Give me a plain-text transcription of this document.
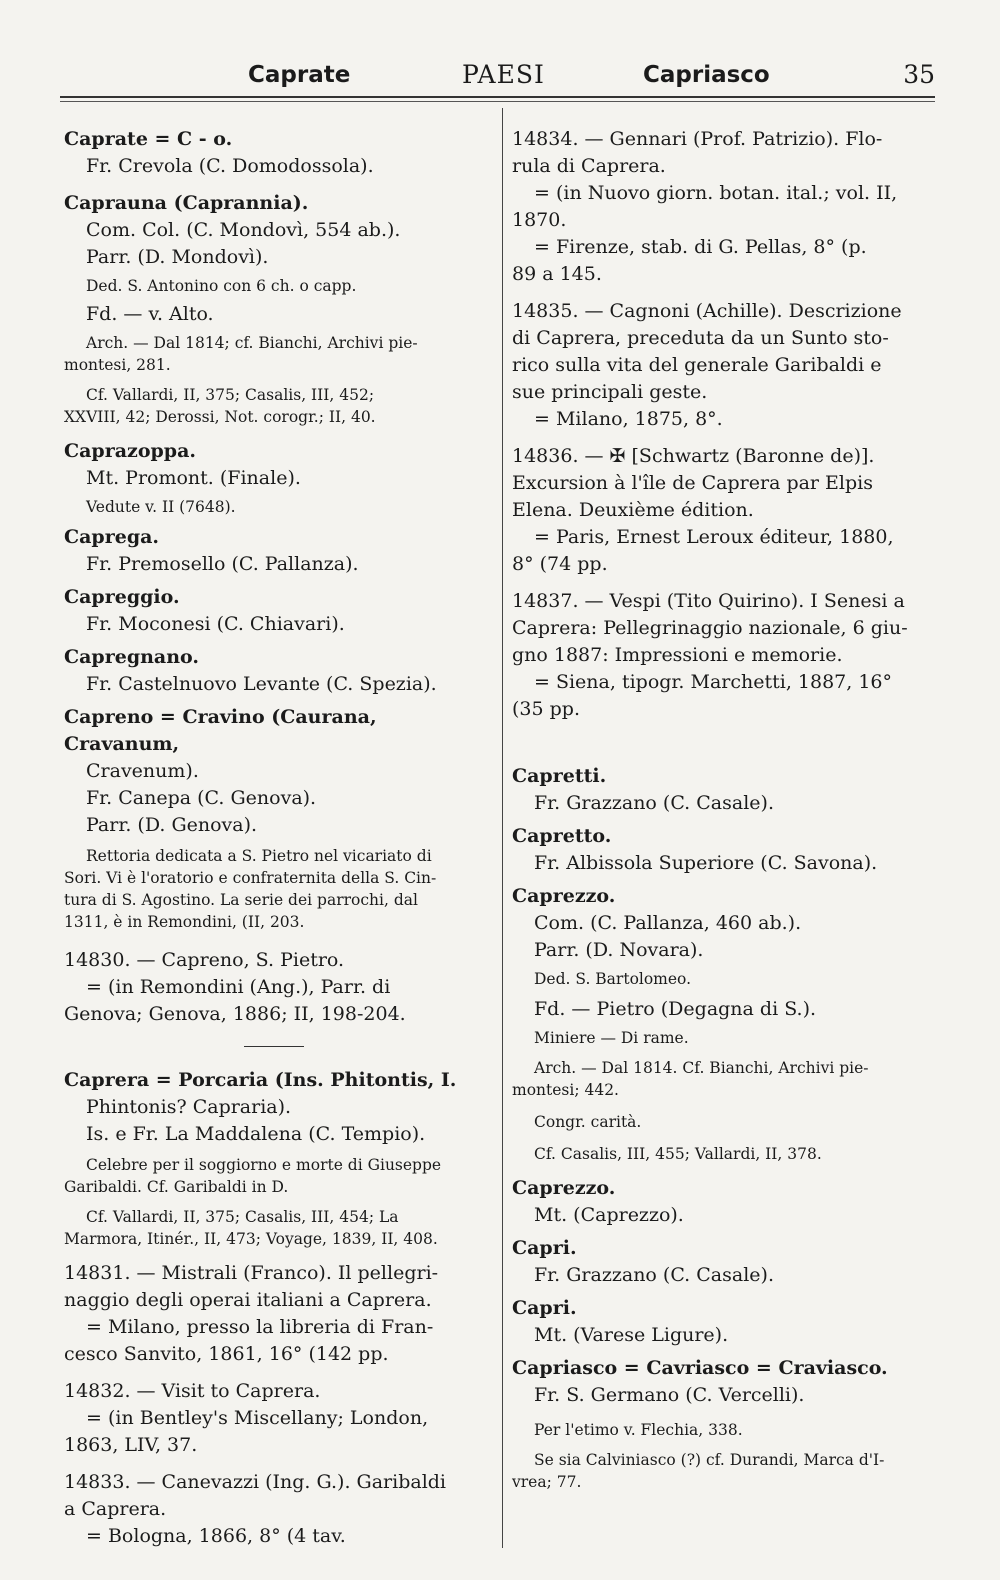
Caprate	PAESI	Capriasco	35

Caprate = C - o.

Fr. Crevola (C. Domodossola).

Caprauna (Caprannia).

Com. Col. (C. Mondovì, 554 ab.).

Parr. (D. Mondovì).

Ded. S. Antonino con 6 ch. o capp.

Fd. — v. Alto.

Arch. — Dal 1814; cf. Bianchi, Archivi pie-

montesi, 281.

Cf. Vallardi, II, 375; Casalis, III, 452;

XXVIII, 42; Derossi, Not. corogr.; II, 40.

Caprazoppa.

Mt. Promont. (Finale).

Vedute v. II (7648).

Caprega.

Fr. Premosello (C. Pallanza).

Capreggio.

Fr. Moconesi (C. Chiavari).

Capregnano.

Fr. Castelnuovo Levante (C. Spezia).

Capreno = Cravino (Caurana, Cravanum,

Cravenum).

Fr. Canepa (C. Genova).

Parr. (D. Genova).

Rettoria dedicata a S. Pietro nel vicariato di

Sori. Vi è l'oratorio e confraternita della S. Cin-

tura di S. Agostino. La serie dei parrochi, dal

1311, è in Remondini, (II, 203.

14830. — Capreno, S. Pietro.

= (in Remondini (Ang.), Parr. di

Genova; Genova, 1886; II, 198-204.

Caprera = Porcaria (Ins. Phitontis, I.

Phintonis? Capraria).

Is. e Fr. La Maddalena (C. Tempio).

Celebre per il soggiorno e morte di Giuseppe

Garibaldi. Cf. Garibaldi in D.

Cf. Vallardi, II, 375; Casalis, III, 454; La

Marmora, Itinér., II, 473; Voyage, 1839, II, 408.

14831. — Mistrali (Franco). Il pellegri-

naggio degli operai italiani a Caprera.

= Milano, presso la libreria di Fran-

cesco Sanvito, 1861, 16° (142 pp.

14832. — Visit to Caprera.

= (in Bentley's Miscellany; London,

1863, LIV, 37.

14833. — Canevazzi (Ing. G.). Garibaldi

a Caprera.

= Bologna, 1866, 8° (4 tav.

14834. — Gennari (Prof. Patrizio). Flo-

rula di Caprera.

= (in Nuovo giorn. botan. ital.; vol. II,

1870.

= Firenze, stab. di G. Pellas, 8° (p.

89 a 145.

14835. — Cagnoni (Achille). Descrizione

di Caprera, preceduta da un Sunto sto-

rico sulla vita del generale Garibaldi e

sue principali geste.

= Milano, 1875, 8°.

14836. — ✠ [Schwartz (Baronne de)].

Excursion à l'île de Caprera par Elpis

Elena. Deuxième édition.

= Paris, Ernest Leroux éditeur, 1880,

8° (74 pp.

14837. — Vespi (Tito Quirino). I Senesi a

Caprera: Pellegrinaggio nazionale, 6 giu-

gno 1887: Impressioni e memorie.

= Siena, tipogr. Marchetti, 1887, 16°

(35 pp.

Capretti.

Fr. Grazzano (C. Casale).

Capretto.

Fr. Albissola Superiore (C. Savona).

Caprezzo.

Com. (C. Pallanza, 460 ab.).

Parr. (D. Novara).

Ded. S. Bartolomeo.

Fd. — Pietro (Degagna di S.).

Miniere — Di rame.

Arch. — Dal 1814. Cf. Bianchi, Archivi pie-

montesi; 442.

Congr. carità.

Cf. Casalis, III, 455; Vallardi, II, 378.

Caprezzo.

Mt. (Caprezzo).

Capri.

Fr. Grazzano (C. Casale).

Capri.

Mt. (Varese Ligure).

Capriasco = Cavriasco = Craviasco.

Fr. S. Germano (C. Vercelli).

Per l'etimo v. Flechia, 338.

Se sia Calviniasco (?) cf. Durandi, Marca d'I-

vrea; 77.
